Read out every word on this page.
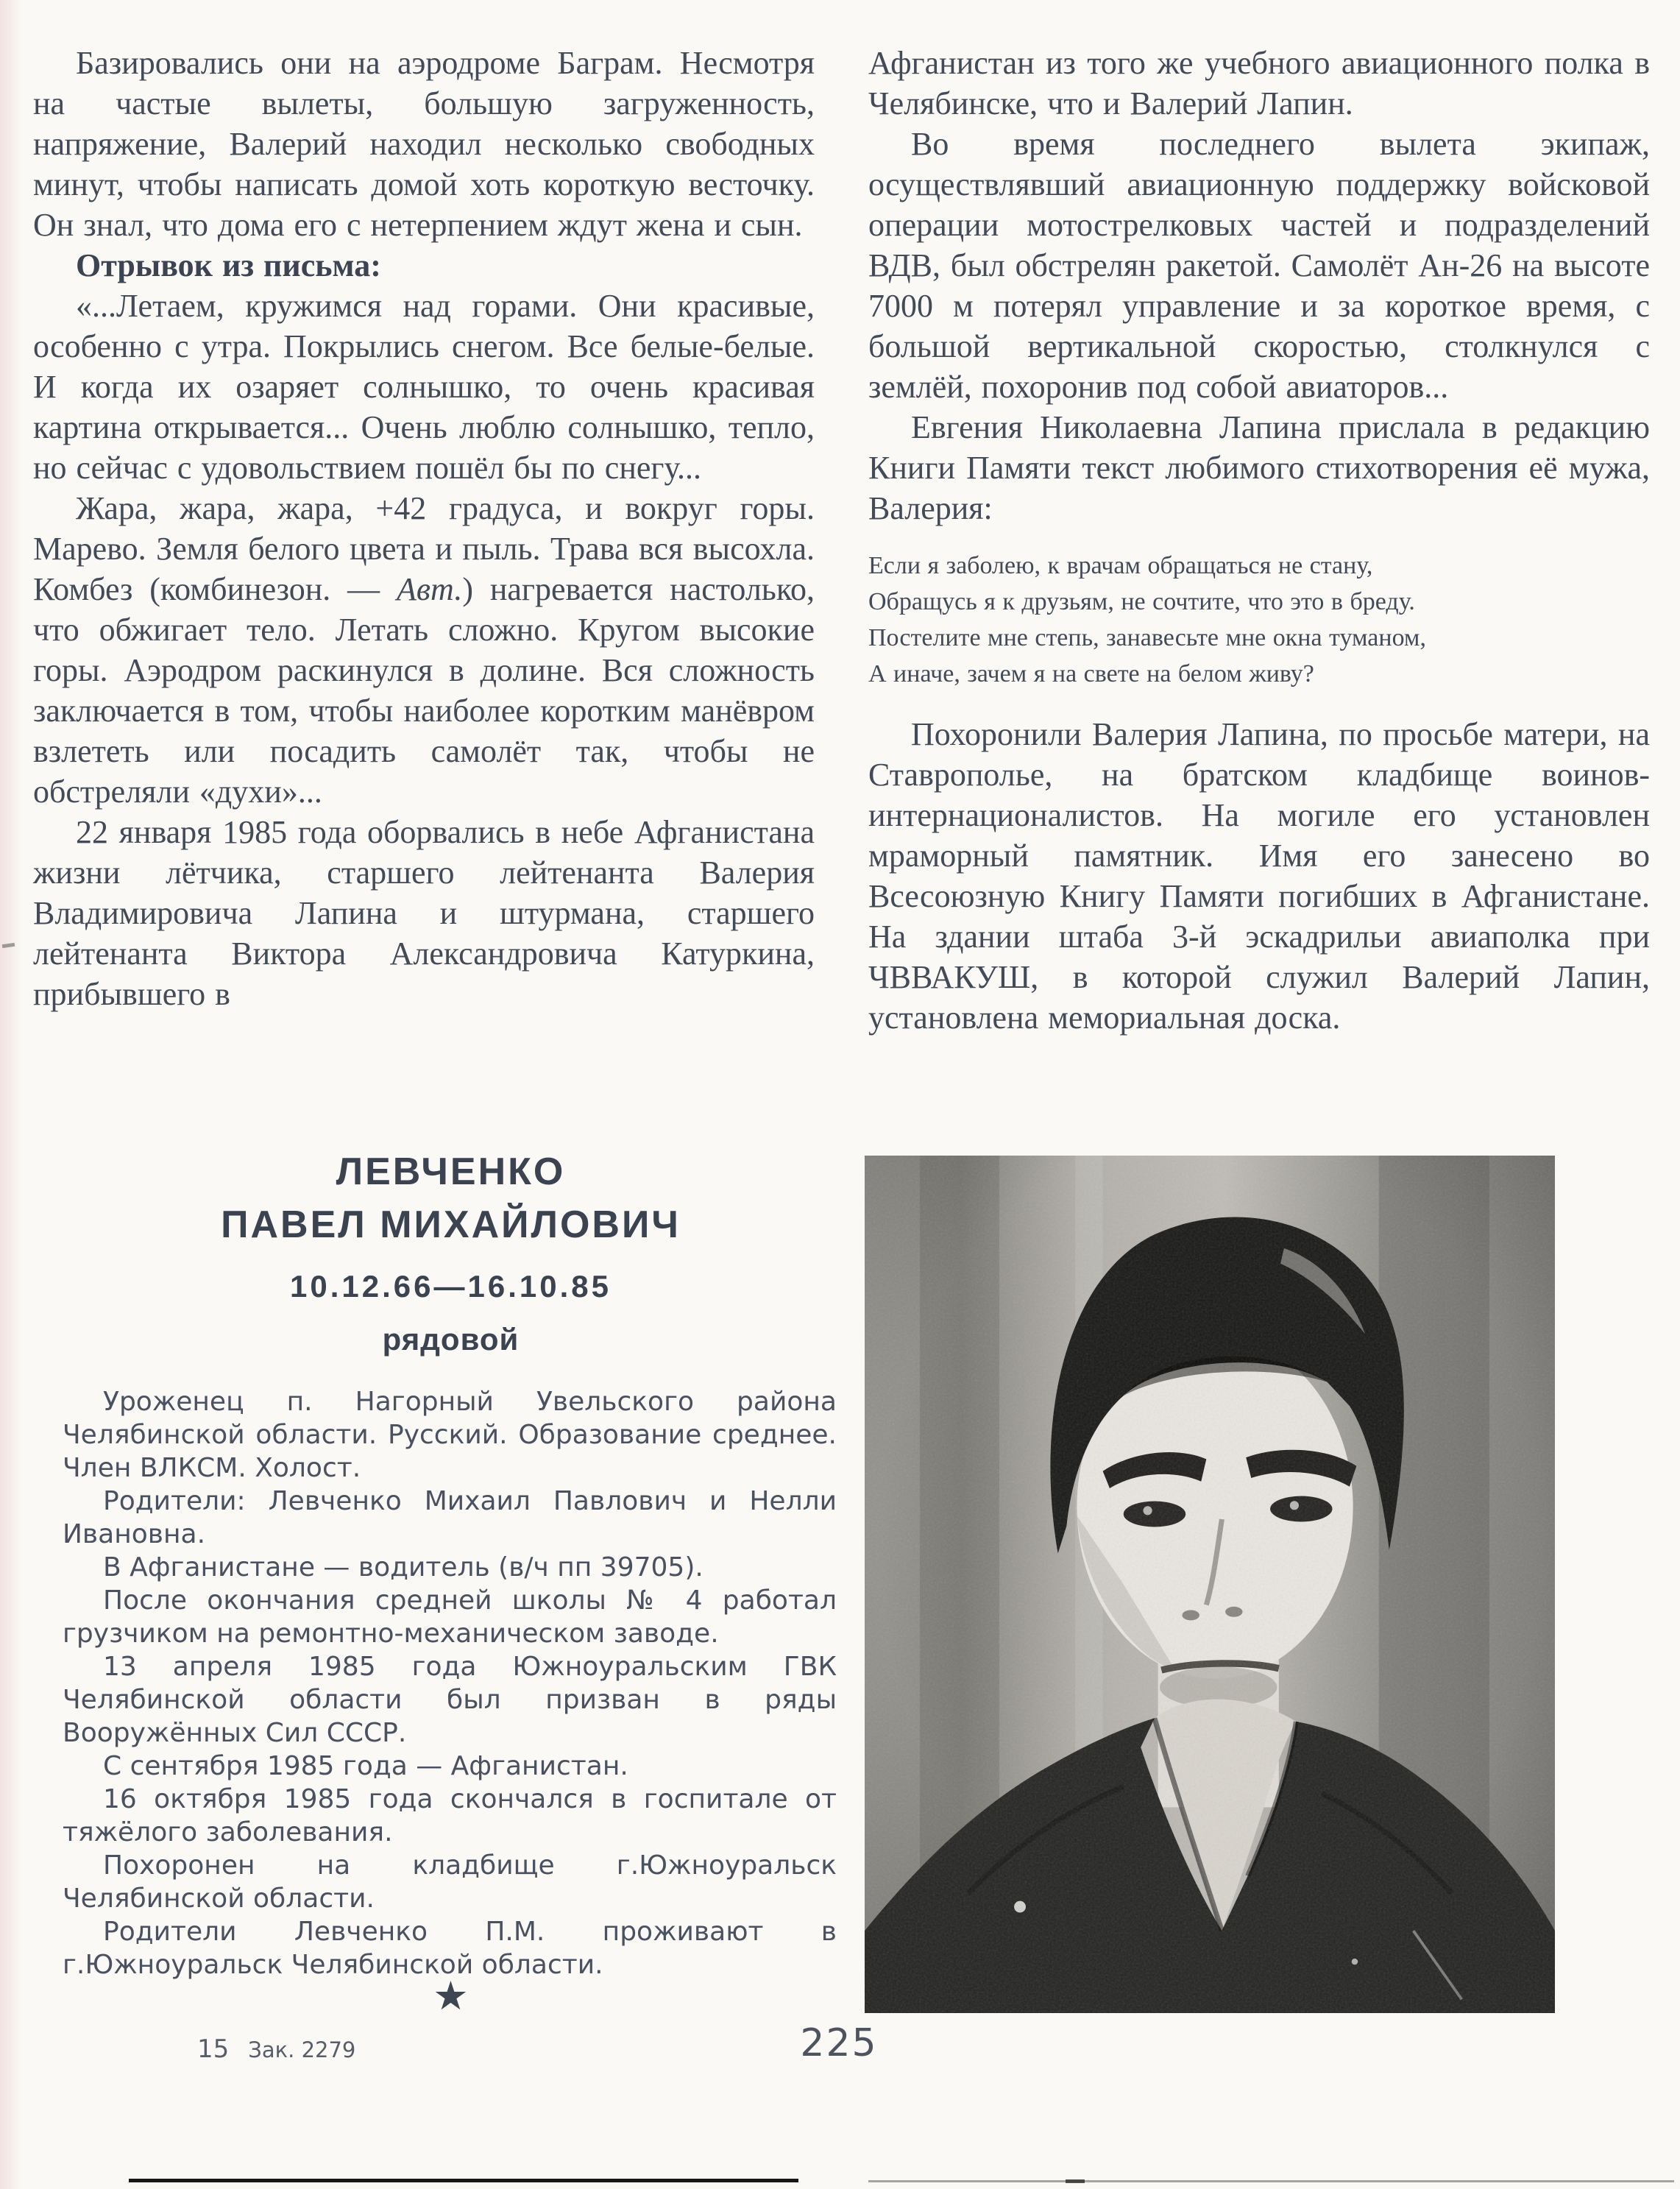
Базировались они на аэродроме Баграм. Несмотря на частые вылеты, большую загруженность, напряжение, Валерий находил несколько свободных минут, чтобы написать домой хоть короткую весточку. Он знал, что дома его с нетерпением ждут жена и сын.

Отрывок из письма:

«...Летаем, кружимся над горами. Они красивые, особенно с утра. Покрылись снегом. Все белые-белые. И когда их озаряет солнышко, то очень красивая картина открывается... Очень люблю солнышко, тепло, но сейчас с удовольствием пошёл бы по снегу...

Жара, жара, жара, +42 градуса, и вокруг горы. Марево. Земля белого цвета и пыль. Трава вся высохла. Комбез (комбинезон. — Авт.) нагревается настолько, что обжигает тело. Летать сложно. Кругом высокие горы. Аэродром раскинулся в долине. Вся сложность заключается в том, чтобы наиболее коротким манёвром взлететь или посадить самолёт так, чтобы не обстреляли «духи»...

22 января 1985 года оборвались в небе Афганистана жизни лётчика, старшего лейтенанта Валерия Владимировича Лапина и штурмана, старшего лейтенанта Виктора Александровича Катуркина, прибывшего в

Афганистан из того же учебного авиационного полка в Челябинске, что и Валерий Лапин.

Во время последнего вылета экипаж, осуществлявший авиационную поддержку войсковой операции мотострелковых частей и подразделений ВДВ, был обстрелян ракетой. Самолёт Ан-26 на высоте 7000 м потерял управление и за короткое время, с большой вертикальной скоростью, столкнулся с землёй, похоронив под собой авиаторов...

Евгения Николаевна Лапина прислала в редакцию Книги Памяти текст любимого стихотворения её мужа, Валерия:

Если я заболею, к врачам обращаться не стану,

Обращусь я к друзьям, не сочтите, что это в бреду.

Постелите мне степь, занавесьте мне окна туманом,

А иначе, зачем я на свете на белом живу?

Похоронили Валерия Лапина, по просьбе матери, на Ставрополье, на братском кладбище воинов-интернационалистов. На могиле его установлен мраморный памятник. Имя его занесено во Всесоюзную Книгу Памяти погибших в Афганистане. На здании штаба 3-й эскадрильи авиаполка при ЧВВАКУШ, в которой служил Валерий Лапин, установлена мемориальная доска.

ЛЕВЧЕНКО
ПАВЕЛ МИХАЙЛОВИЧ
10.12.66—16.10.85
рядовой

Уроженец п. Нагорный Увельского района Челябинской области. Русский. Образование среднее. Член ВЛКСМ. Холост.

Родители: Левченко Михаил Павлович и Нелли Ивановна.

В Афганистане — водитель (в/ч пп 39705).

После окончания средней школы № 4 работал грузчиком на ремонтно-механическом заводе.

13 апреля 1985 года Южноуральским ГВК Челябинской области был призван в ряды Вооружённых Сил СССР.

С сентября 1985 года — Афганистан.

16 октября 1985 года скончался в госпитале от тяжёлого заболевания.

Похоронен на кладбище г.Южноуральск Челябинской области.

Родители Левченко П.М. проживают в г.Южноуральск Челябинской области.

★
15 Зак. 2279	225
